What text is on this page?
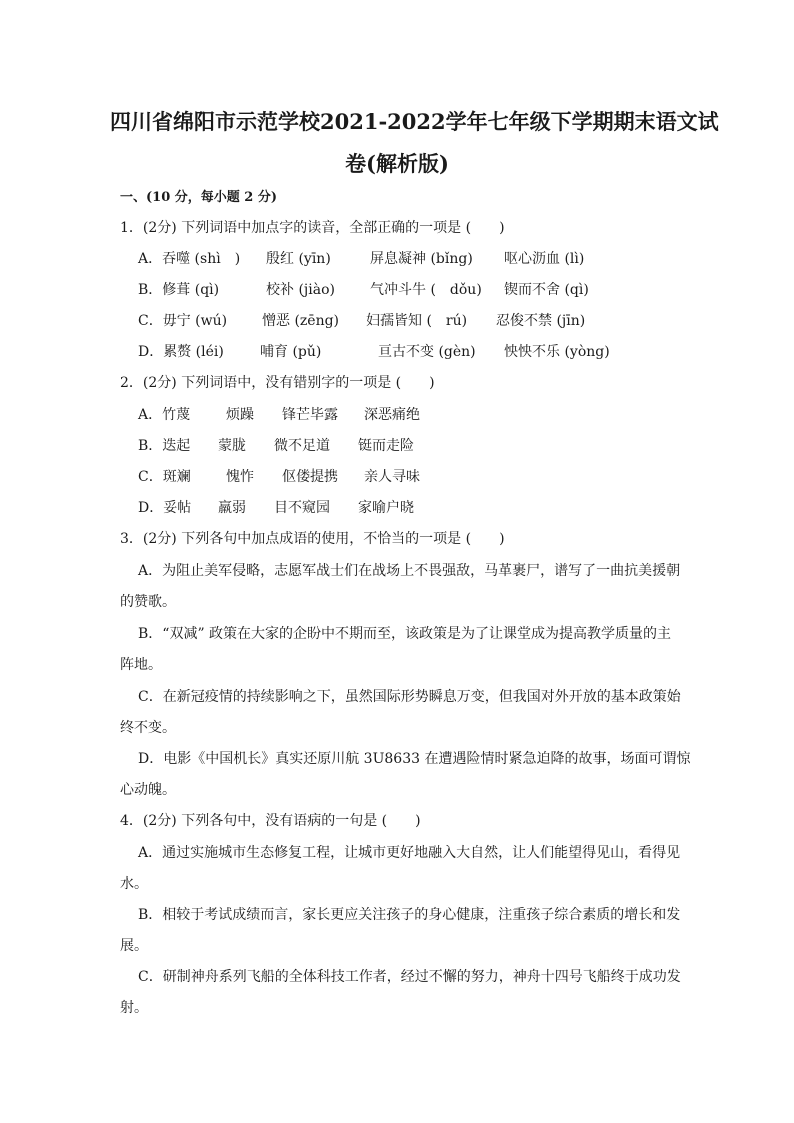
四川省绵阳市示范学校2021-2022学年七年级下学期期末语文试
卷(解析版)
一、(10 分，每小题 2 分)
1．(2分) 下列词语中加点字的读音，全部正确的一项是 (　　)
A．吞噬 (shì　) 殷红 (yīn)	屏息凝神 (bǐng) 呕心沥血 (lì)
B．修葺 (qì)	校补 (jiào)	气冲斗牛 (　dǒu) 锲而不舍 (qì)
C．毋宁 (wú) 憎恶 (zēng) 妇孺皆知 (　rú) 忍俊不禁 (jīn)
D．累赘 (léi)	哺育 (pǔ)	亘古不变 (gèn) 怏怏不乐 (yòng)
2．(2分) 下列词语中，没有错别字的一项是 (　　)
A．竹蔑	烦躁 锋芒毕露 深恶痛绝
B．迭起 蒙胧 微不足道 铤而走险
C．斑斓	愧怍 伛偻提携 亲人寻味
D．妥帖 羸弱 目不窥园 家喻户晓
3．(2分) 下列各句中加点成语的使用，不恰当的一项是 (　　)
A．为阻止美军侵略，志愿军战士们在战场上不畏强敌，马革裹尸，谱写了一曲抗美援朝
的赞歌。
B．“双减” 政策在大家的企盼中不期而至，该政策是为了让课堂成为提高教学质量的主
阵地。
C．在新冠疫情的持续影响之下，虽然国际形势瞬息万变，但我国对外开放的基本政策始
终不变。
D．电影《中国机长》真实还原川航 3U8633 在遭遇险情时紧急迫降的故事，场面可谓惊
心动魄。
4．(2分) 下列各句中，没有语病的一句是 (　　)
A．通过实施城市生态修复工程，让城市更好地融入大自然，让人们能望得见山，看得见
水。
B．相较于考试成绩而言，家长更应关注孩子的身心健康，注重孩子综合素质的增长和发
展。
C．研制神舟系列飞船的全体科技工作者，经过不懈的努力，神舟十四号飞船终于成功发
射。
